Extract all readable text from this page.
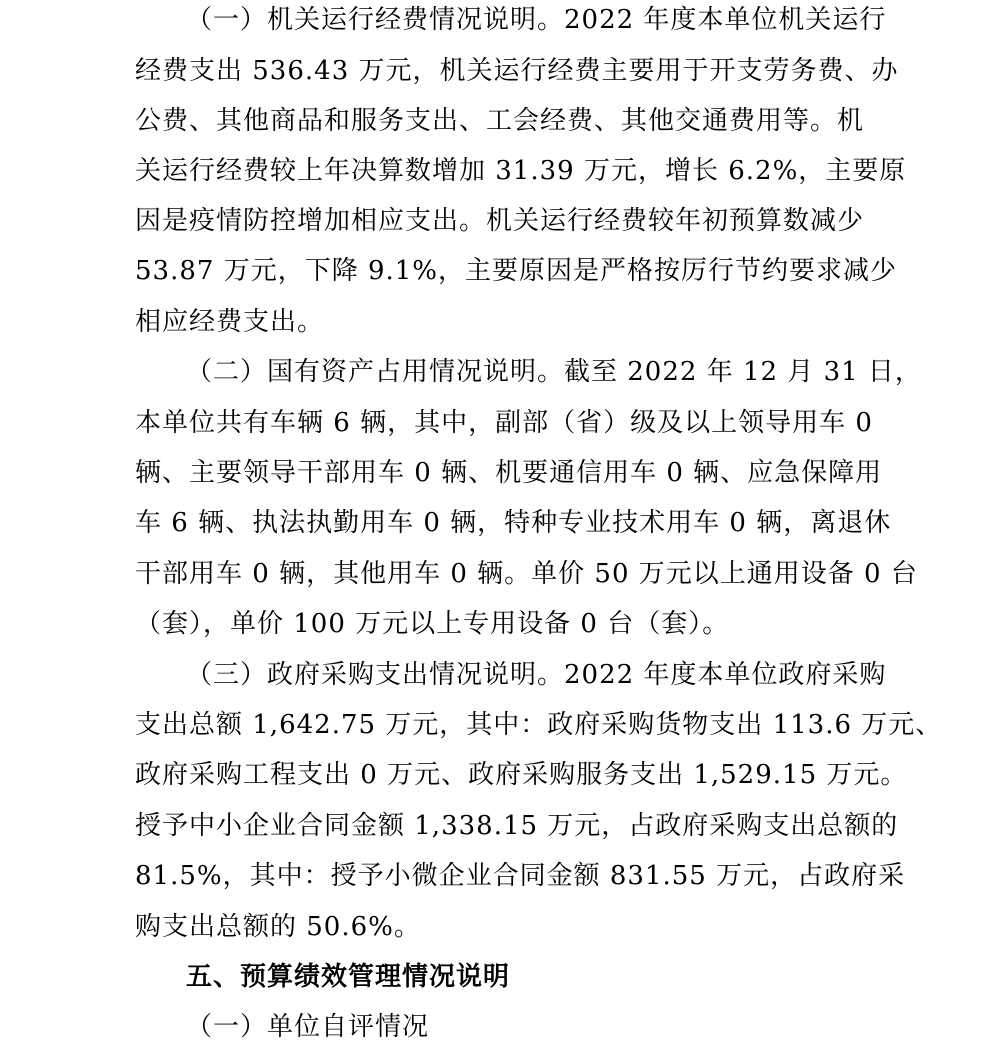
（一）机关运行经费情况说明。2022 年度本单位机关运行
经费支出 536.43 万元，机关运行经费主要用于开支劳务费、办
公费、其他商品和服务支出、工会经费、其他交通费用等。机
关运行经费较上年决算数增加 31.39 万元，增长 6.2%，主要原
因是疫情防控增加相应支出。机关运行经费较年初预算数减少
53.87 万元，下降 9.1%，主要原因是严格按厉行节约要求减少
相应经费支出。
（二）国有资产占用情况说明。截至 2022 年 12 月 31 日，
本单位共有车辆 6 辆，其中，副部（省）级及以上领导用车 0
辆、主要领导干部用车 0 辆、机要通信用车 0 辆、应急保障用
车 6 辆、执法执勤用车 0 辆，特种专业技术用车 0 辆，离退休
干部用车 0 辆，其他用车 0 辆。单价 50 万元以上通用设备 0 台
（套），单价 100 万元以上专用设备 0 台（套）。
（三）政府采购支出情况说明。2022 年度本单位政府采购
支出总额 1,642.75 万元，其中：政府采购货物支出 113.6 万元、
政府采购工程支出 0 万元、政府采购服务支出 1,529.15 万元。
授予中小企业合同金额 1,338.15 万元，占政府采购支出总额的
81.5%，其中：授予小微企业合同金额 831.55 万元，占政府采
购支出总额的 50.6%。
五、预算绩效管理情况说明
（一）单位自评情况
